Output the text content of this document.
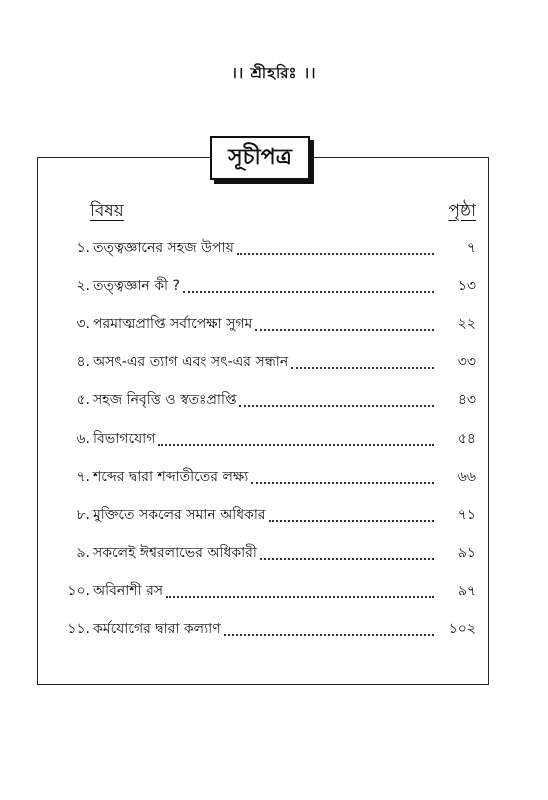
।। শ্রীহরিঃ ।।
সূচীপত্র
বিষয়	পৃষ্ঠা
১. তত্ত্বজ্ঞানের সহজ উপায়	৭
২. তত্ত্বজ্ঞান কী ?	১৩
৩. পরমাত্মপ্রাপ্তি সর্বাপেক্ষা সুগম	২২
৪. অসৎ-এর ত্যাগ এবং সৎ-এর সন্ধান	৩৩
৫. সহজ নিবৃত্তি ও স্বতঃপ্রাপ্তি	৪৩
৬. বিভাগযোগ	৫৪
৭. শব্দের দ্বারা শব্দাতীতের লক্ষ্য	৬৬
৮. মুক্তিতে সকলের সমান অধিকার	৭১
৯. সকলেই ঈশ্বরলাভের অধিকারী	৯১
১০. অবিনাশী রস	৯৭
১১. কর্মযোগের দ্বারা কল্যাণ	১০২
